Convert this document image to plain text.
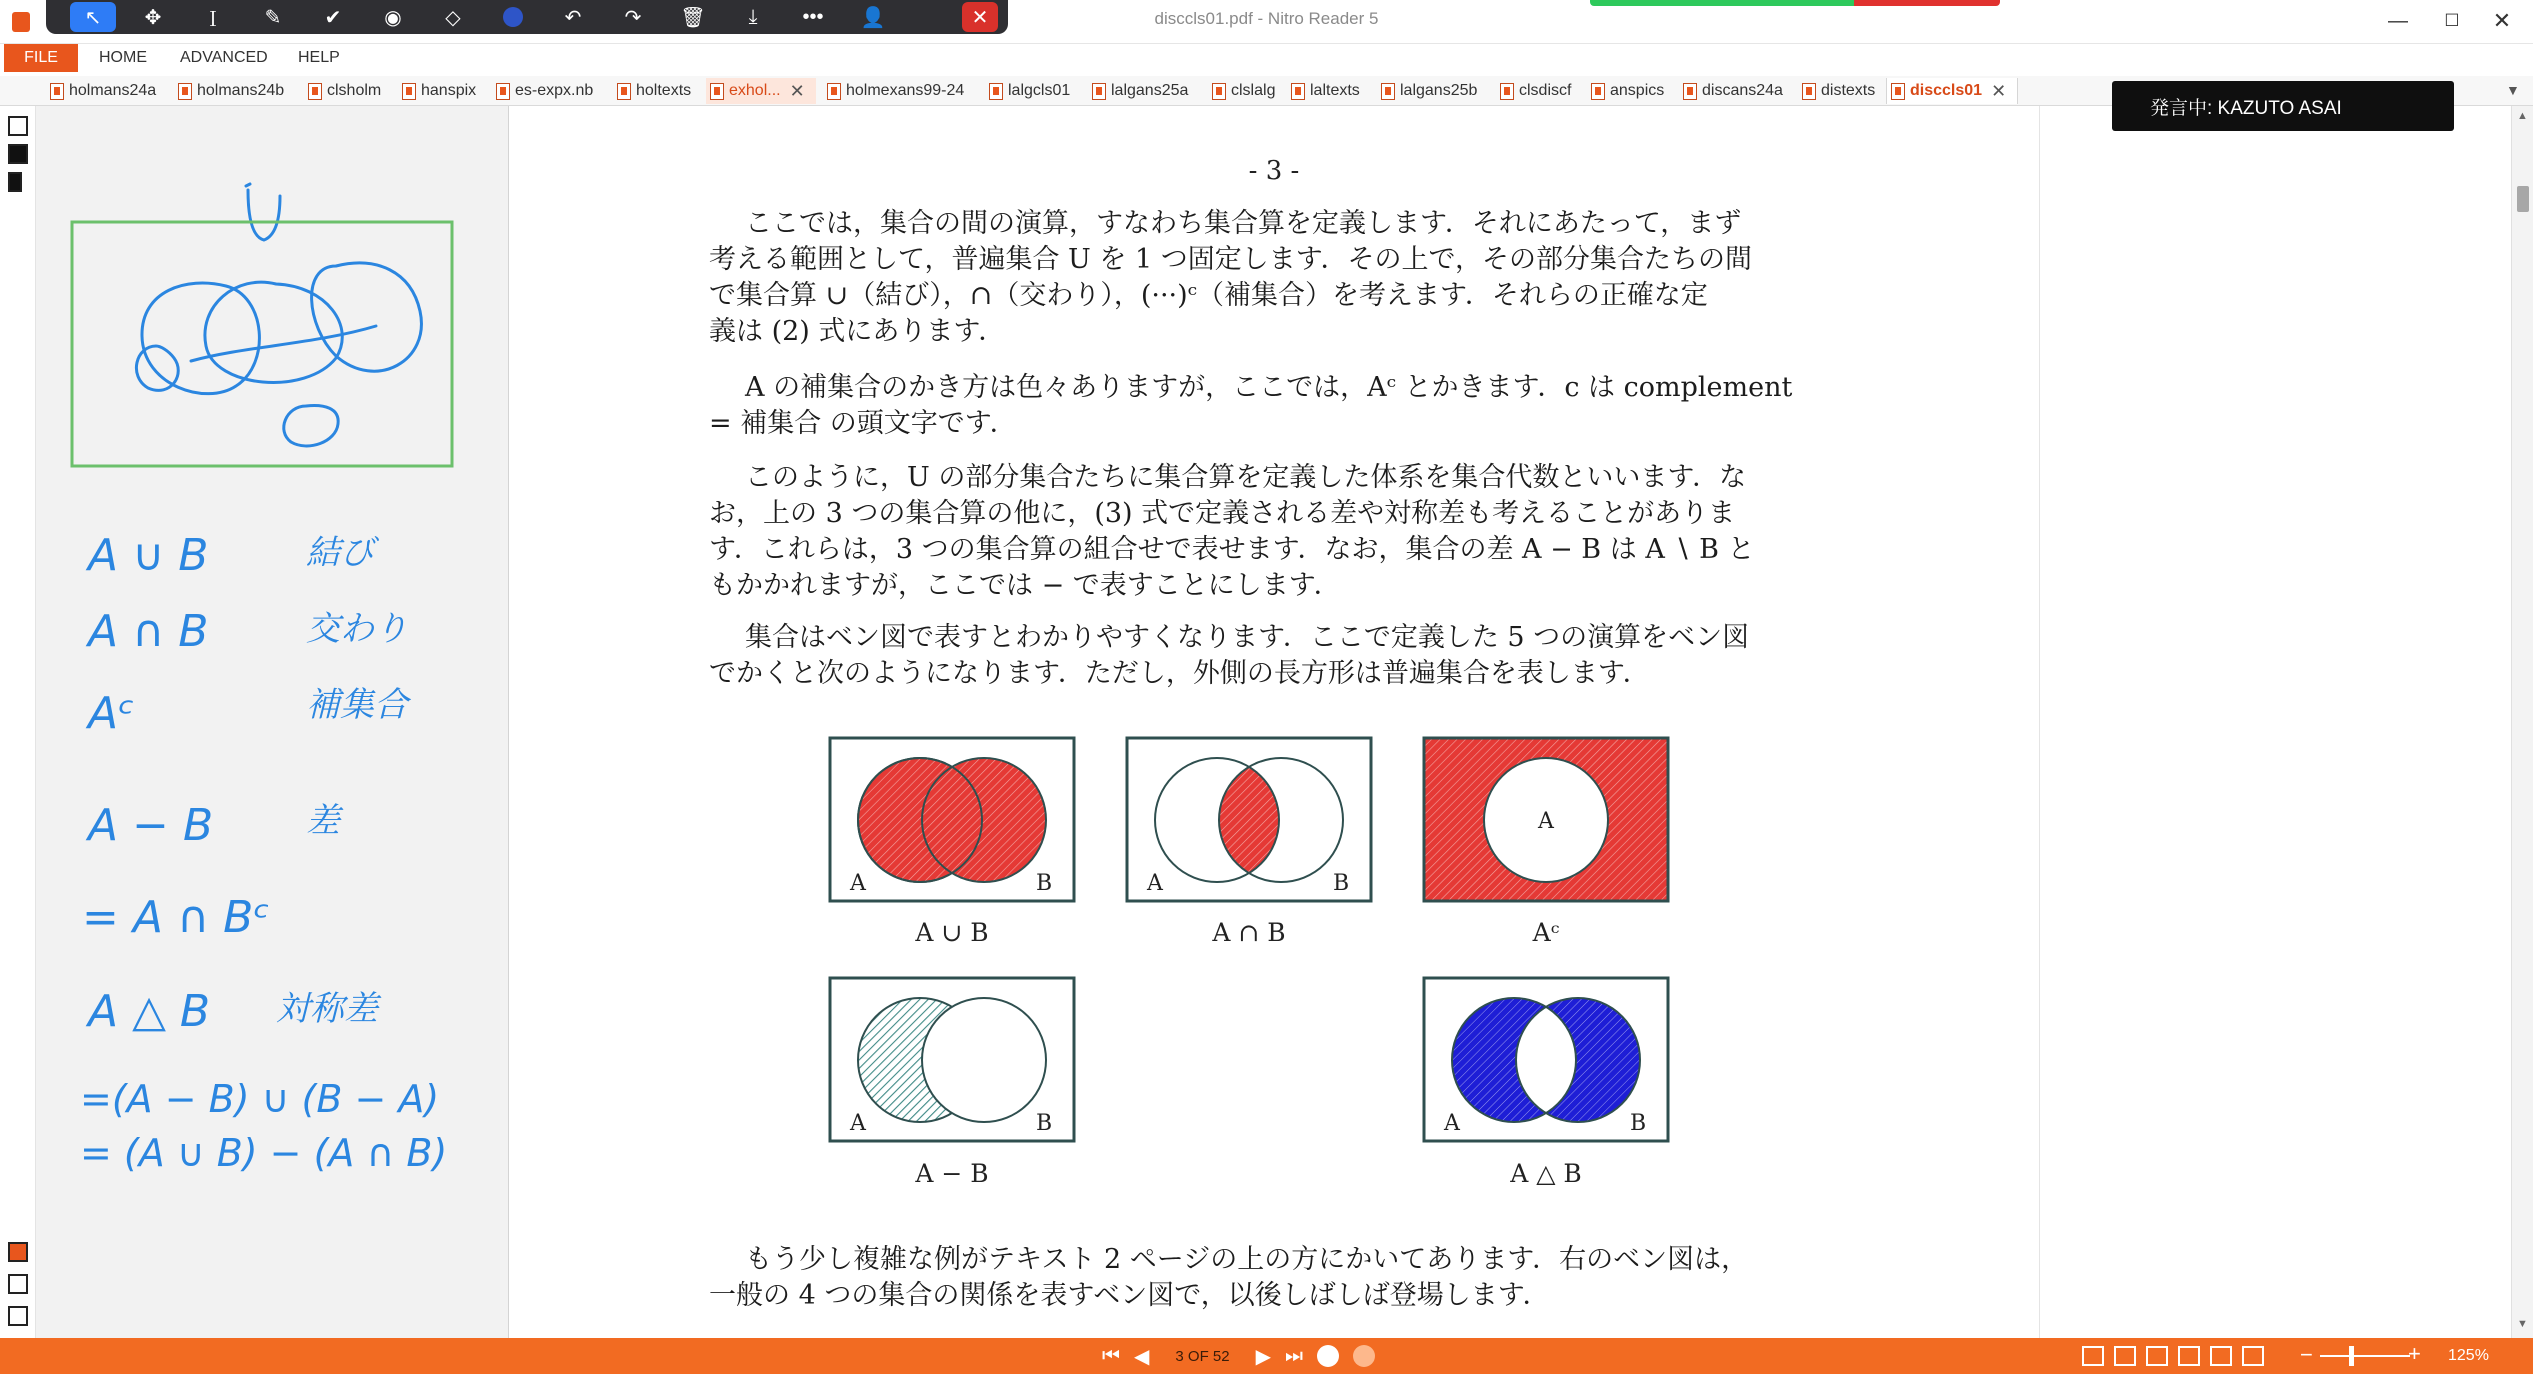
disccls01.pdf - Nitro Reader 5	—	☐	✕
↖	✥	Ｉ	✎	✔	◉	◇	↶	↷	🗑	⤓	•••	👤	✕
FILE	HOME	ADVANCED	HELP
holmans24a	holmans24b	clsholm hanspix es-expx.nb	holtexts exhol... ✕	holmexans99-24	lalgcls01	lalgans25a	clslalg laltexts	lalgans25b	clsdiscf anspics discans24a distexts disccls01 ✕	▼
A ∪ B	結び
A ∩ B	交わり
Aᶜ	補集合
A − B	差
= A ∩ Bᶜ
A △ B 対称差
=(A − B) ∪ (B − A)
= (A ∪ B) − (A ∩ B)
- 3 -
ここでは，集合の間の演算，すなわち集合算を定義します．それにあたって，まず
考える範囲として，普遍集合 U を 1 つ固定します．その上で，その部分集合たちの間
で集合算 ∪（結び），∩（交わり），(···)ᶜ（補集合）を考えます．それらの正確な定
義は (2) 式にあります．
A の補集合のかき方は色々ありますが，ここでは，Aᶜ とかきます．c は complement
= 補集合 の頭文字です．
このように，U の部分集合たちに集合算を定義した体系を集合代数といいます．な
お，上の 3 つの集合算の他に，(3) 式で定義される差や対称差も考えることがありま
す．これらは，3 つの集合算の組合せで表せます．なお，集合の差 A − B は A ∖ B と
もかかれますが，ここでは − で表すことにします．
集合はベン図で表すとわかりやすくなります．ここで定義した 5 つの演算をベン図
でかくと次のようになります．ただし，外側の長方形は普遍集合を表します．
A	B	A	B
A
A	B	A	B
A ∪ B	A ∩ B	Aᶜ
A − B	A △ B
もう少し複雑な例がテキスト 2 ページの上の方にかいてあります．右のベン図は，
一般の 4 つの集合の関係を表すベン図で，以後しばしば登場します．
▲
▼
発言中: KAZUTO ASAI
⏮ ◀	3 OF 52	▶ ⏭	−	+ 125%
